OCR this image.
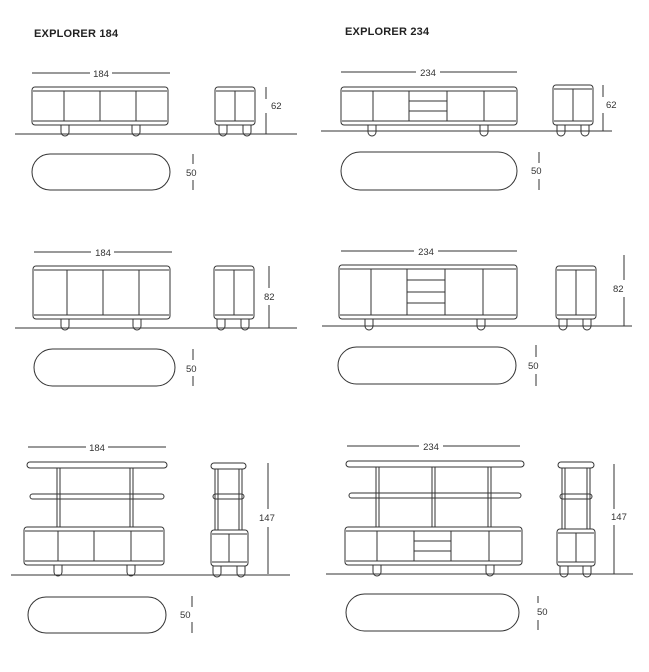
EXPLORER 184	EXPLORER 234
184
62
50
234
62
50
184
82
50
234
82
50
184
147
50
234
147
50
